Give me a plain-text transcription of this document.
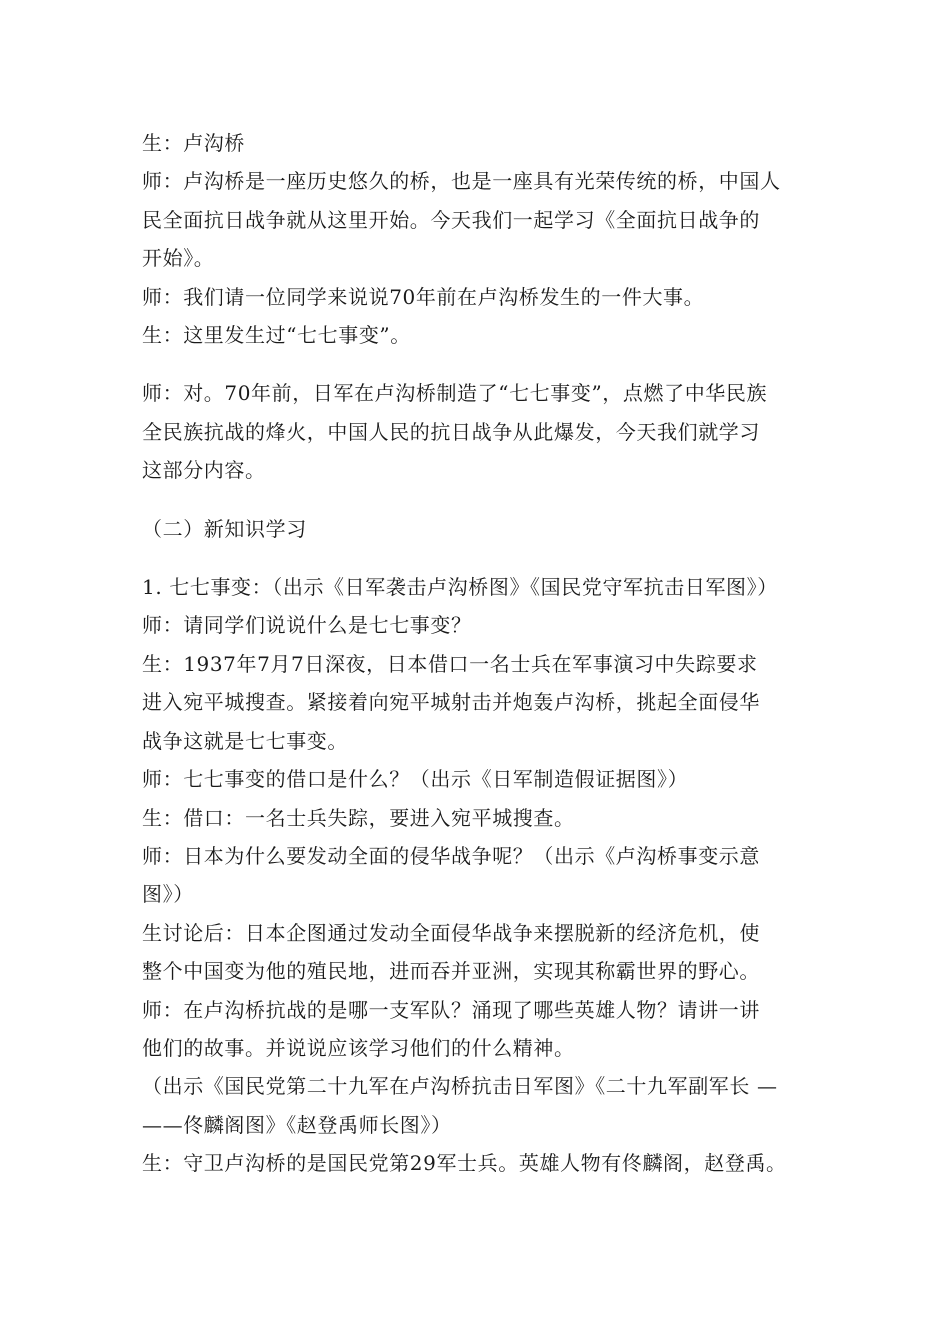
生：卢沟桥

师：卢沟桥是一座历史悠久的桥，也是一座具有光荣传统的桥，中国人

民全面抗日战争就从这里开始。今天我们一起学习《全面抗日战争的

开始》。

师：我们请一位同学来说说70年前在卢沟桥发生的一件大事。

生：这里发生过“七七事变”。

师：对。70年前，日军在卢沟桥制造了“七七事变”，点燃了中华民族

全民族抗战的烽火，中国人民的抗日战争从此爆发，今天我们就学习

这部分内容。

（二）新知识学习

1. 七七事变：（出示《日军袭击卢沟桥图》《国民党守军抗击日军图》）

师：请同学们说说什么是七七事变？

生：1937年7月7日深夜，日本借口一名士兵在军事演习中失踪要求

进入宛平城搜查。紧接着向宛平城射击并炮轰卢沟桥，挑起全面侵华

战争这就是七七事变。

师：七七事变的借口是什么？（出示《日军制造假证据图》）

生：借口：一名士兵失踪，要进入宛平城搜查。

师：日本为什么要发动全面的侵华战争呢？（出示《卢沟桥事变示意

图》）

生讨论后：日本企图通过发动全面侵华战争来摆脱新的经济危机，使

整个中国变为他的殖民地，进而吞并亚洲，实现其称霸世界的野心。

师：在卢沟桥抗战的是哪一支军队？涌现了哪些英雄人物？请讲一讲

他们的故事。并说说应该学习他们的什么精神。

（出示《国民党第二十九军在卢沟桥抗击日军图》《二十九军副军长 —

——佟麟阁图》《赵登禹师长图》）

生：守卫卢沟桥的是国民党第29军士兵。英雄人物有佟麟阁，赵登禹。
